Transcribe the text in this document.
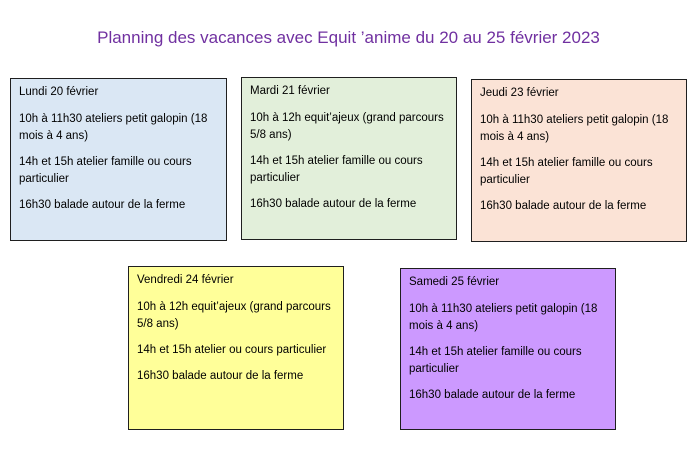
Planning des vacances avec Equit ’anime du 20 au 25 février 2023

Lundi 20 février

10h à 11h30 ateliers petit galopin (18 mois à 4 ans)

14h et 15h atelier famille ou cours particulier

16h30 balade autour de la ferme

Mardi 21 février

10h à 12h equit’ajeux (grand parcours 5/8 ans)

14h et 15h atelier famille ou cours particulier

16h30 balade autour de la ferme

Jeudi 23 février

10h à 11h30 ateliers petit galopin (18 mois à 4 ans)

14h et 15h atelier famille ou cours particulier

16h30 balade autour de la ferme

Vendredi 24 février

10h à 12h equit’ajeux (grand parcours 5/8 ans)

14h et 15h atelier ou cours particulier

16h30 balade autour de la ferme

Samedi 25 février

10h à 11h30 ateliers petit galopin (18 mois à 4 ans)

14h et 15h atelier famille ou cours particulier

16h30 balade autour de la ferme
